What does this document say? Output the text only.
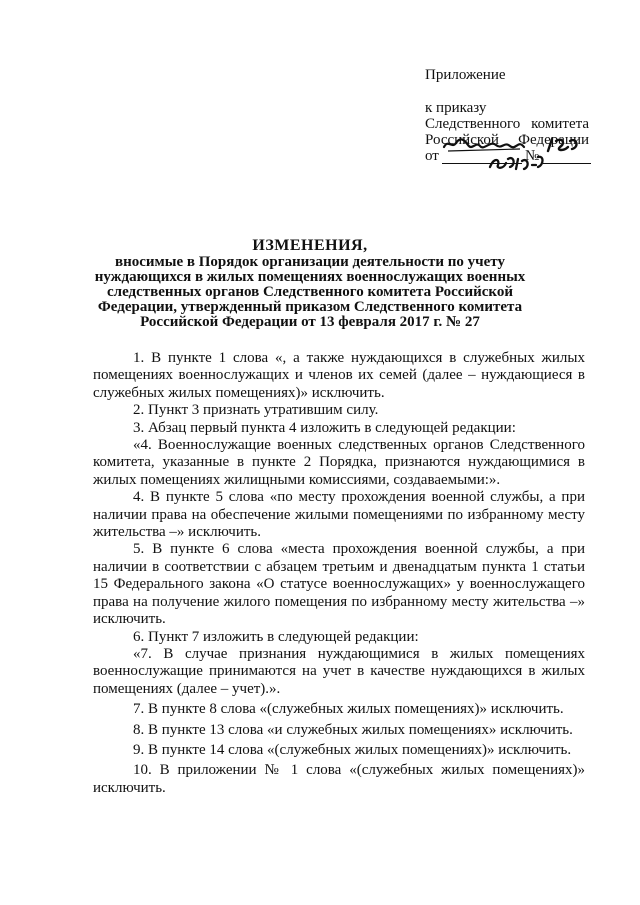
Приложение
к приказу
Следственного комитета
Российской Федерации
от	№
ИЗМЕНЕНИЯ,
вносимые в Порядок организации деятельности по учету нуждающихся в жилых помещениях военнослужащих военных следственных органов Следственного комитета Российской Федерации, утвержденный приказом Следственного комитета Российской Федерации от 13 февраля 2017 г. № 27

1. В пункте 1 слова «, а также нуждающихся в служебных жилых помещениях военнослужащих и членов их семей (далее – нуждающиеся в служебных жилых помещениях)» исключить.

2. Пункт 3 признать утратившим силу.

3. Абзац первый пункта 4 изложить в следующей редакции:

«4. Военнослужащие военных следственных органов Следственного комитета, указанные в пункте 2 Порядка, признаются нуждающимися в жилых помещениях жилищными комиссиями, создаваемыми:».

4. В пункте 5 слова «по месту прохождения военной службы, а при наличии права на обеспечение жилыми помещениями по избранному месту жительства –» исключить.

5. В пункте 6 слова «места прохождения военной службы, а при наличии в соответствии с абзацем третьим и двенадцатым пункта 1 статьи 15 Федерального закона «О статусе военнослужащих» у военнослужащего права на получение жилого помещения по избранному месту жительства –» исключить.

6. Пункт 7 изложить в следующей редакции:

«7. В случае признания нуждающимися в жилых помещениях военнослужащие принимаются на учет в качестве нуждающихся в жилых помещениях (далее – учет).».

7. В пункте 8 слова «(служебных жилых помещениях)» исключить.

8. В пункте 13 слова «и служебных жилых помещениях» исключить.

9. В пункте 14 слова «(служебных жилых помещениях)» исключить.

10. В приложении № 1 слова «(служебных жилых помещениях)» исключить.
